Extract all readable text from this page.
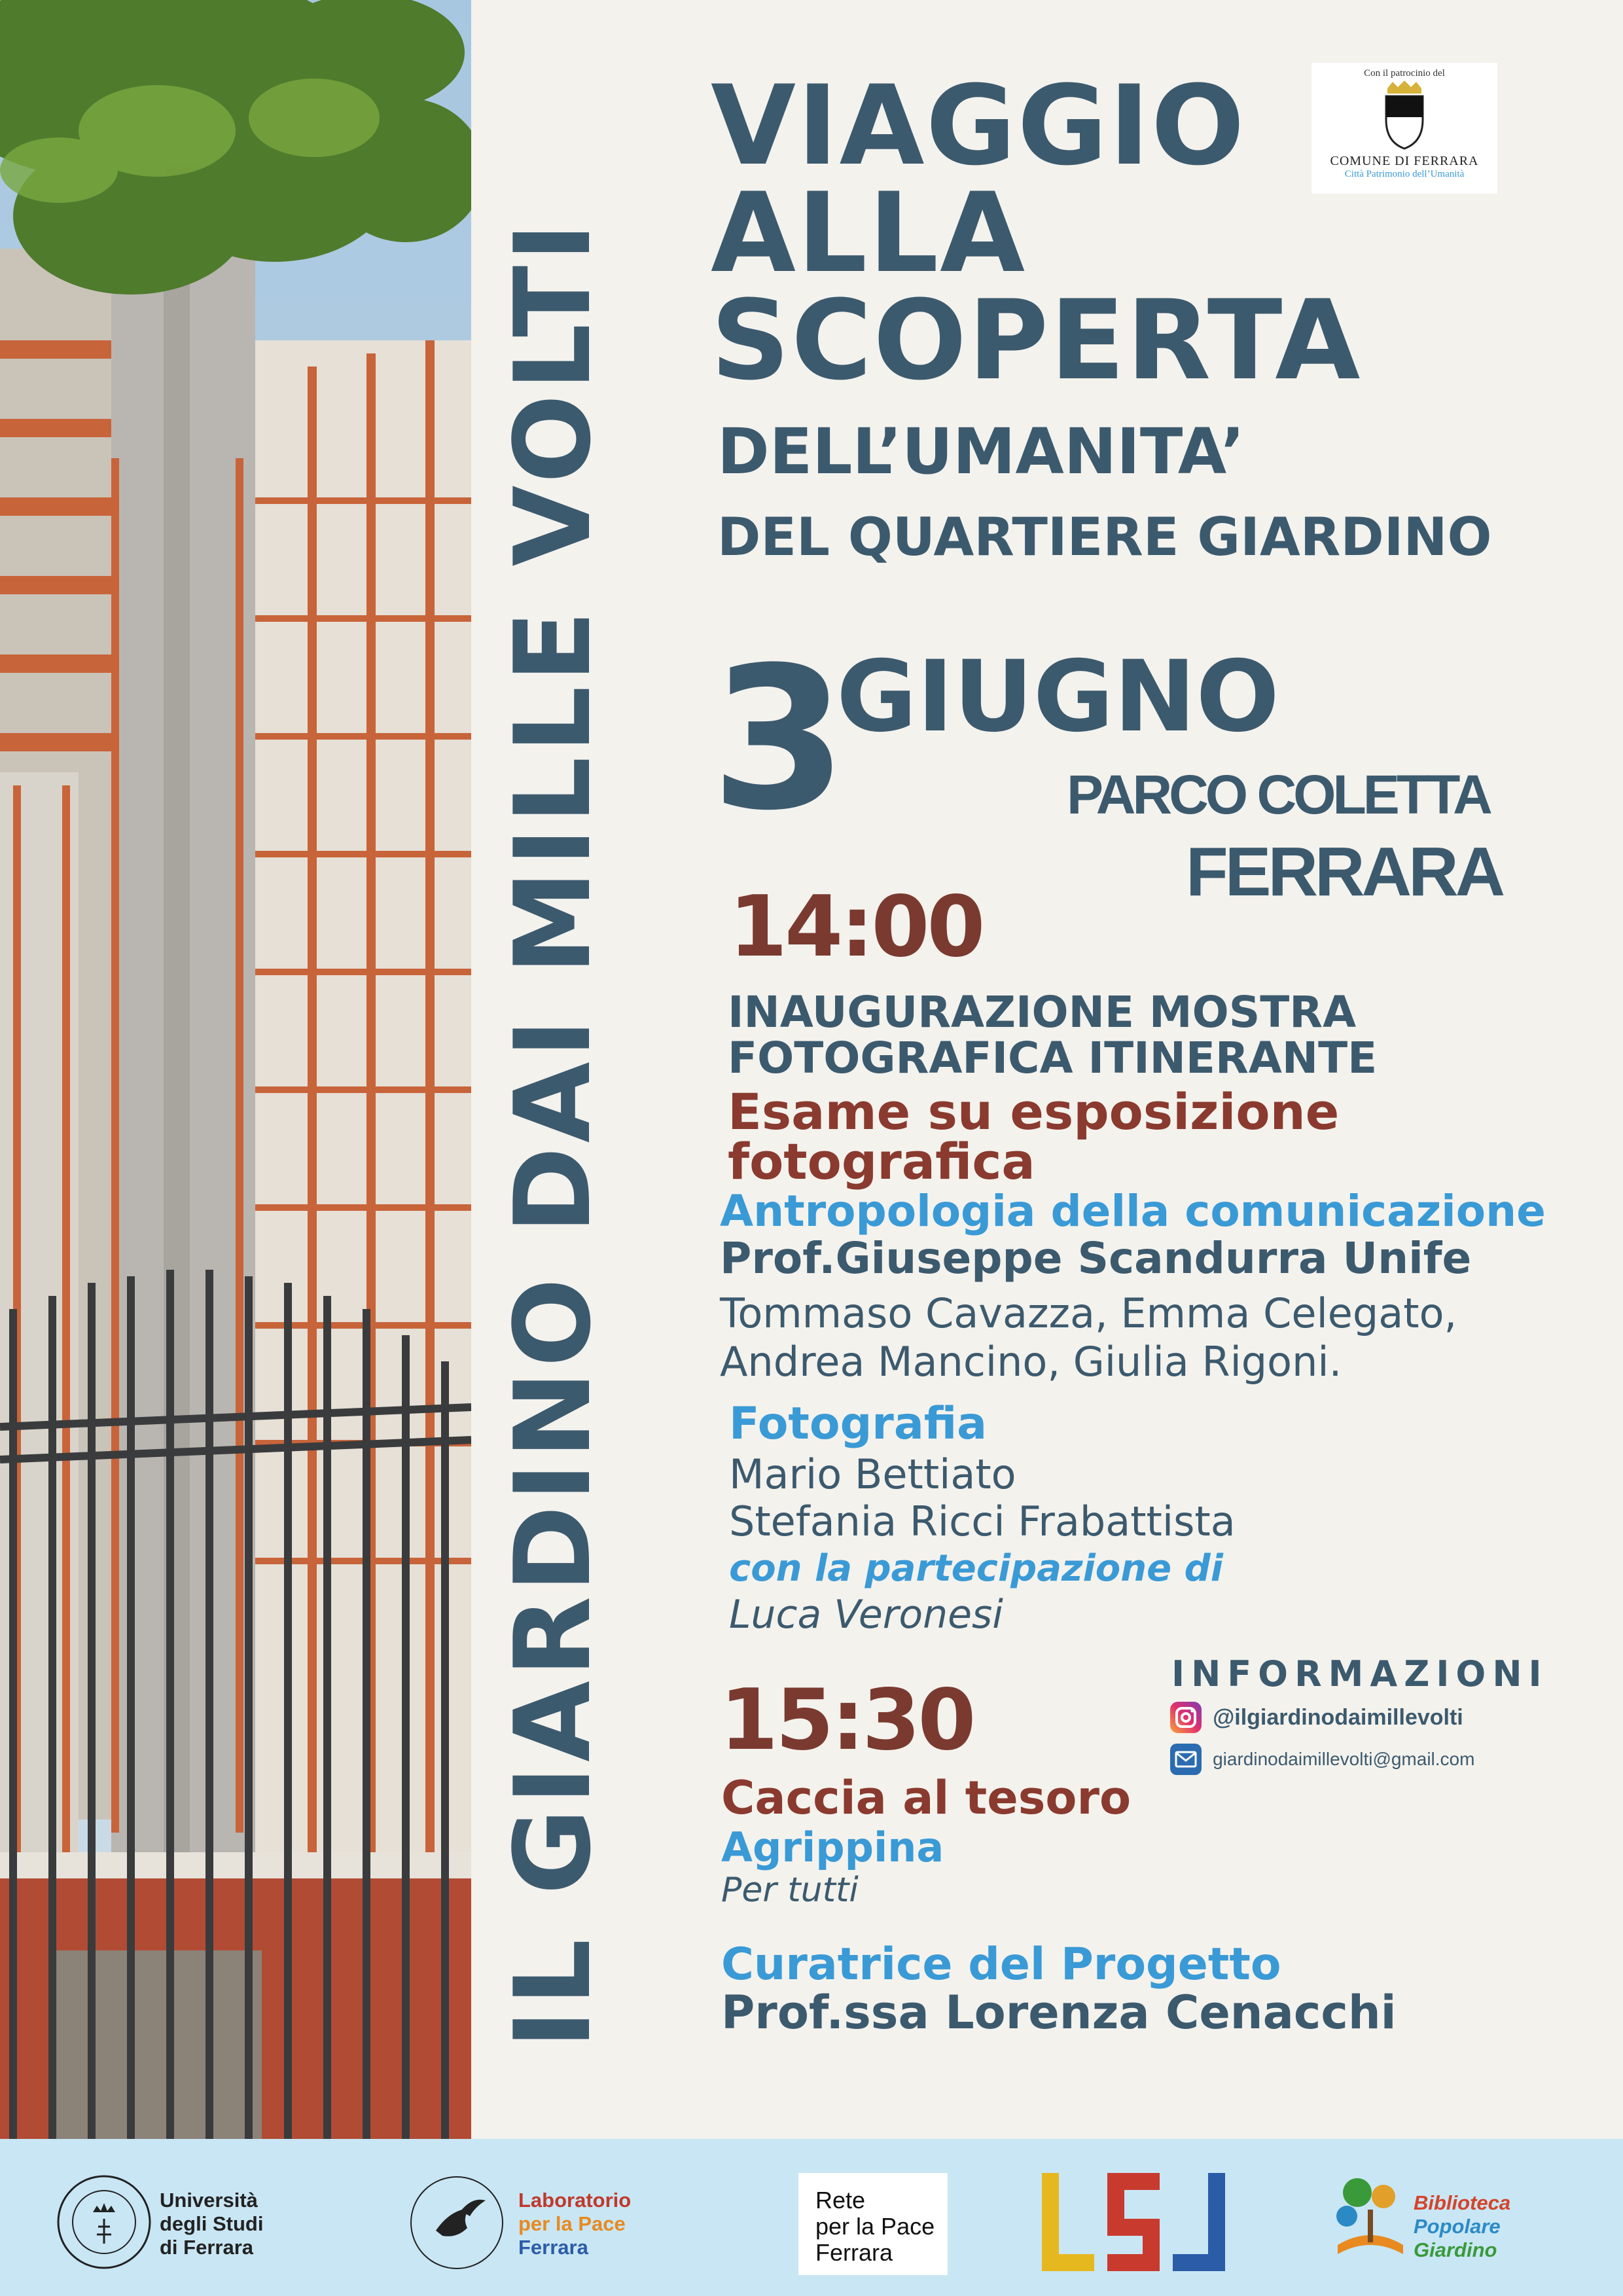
IL GIARDINO DAI MILLE VOLTI
VIAGGIO
ALLA
SCOPERTA
DELL’UMANITA’
DEL QUARTIERE GIARDINO
Con il patrocinio del
COMUNE DI FERRARA
Città Patrimonio dell’Umanità
3
GIUGNO
PARCO COLETTA
FERRARA
14:00
INAUGURAZIONE MOSTRA
FOTOGRAFICA ITINERANTE
Esame su esposizione
fotografica
Antropologia della comunicazione
Prof.Giuseppe Scandurra Unife
Tommaso Cavazza, Emma Celegato,
Andrea Mancino, Giulia Rigoni.
Fotografia
Mario Bettiato
Stefania Ricci Frabattista
con la partecipazione di
Luca Veronesi
INFORMAZIONI
@ilgiardinodaimillevolti
giardinodaimillevolti@gmail.com
15:30
Caccia al tesoro
Agrippina
Per tutti
Curatrice del Progetto
Prof.ssa Lorenza Cenacchi
Università
degli Studi
di Ferrara
Laboratorio
per la Pace
Ferrara
Rete
per la Pace
Ferrara
Biblioteca
Popolare
Giardino
